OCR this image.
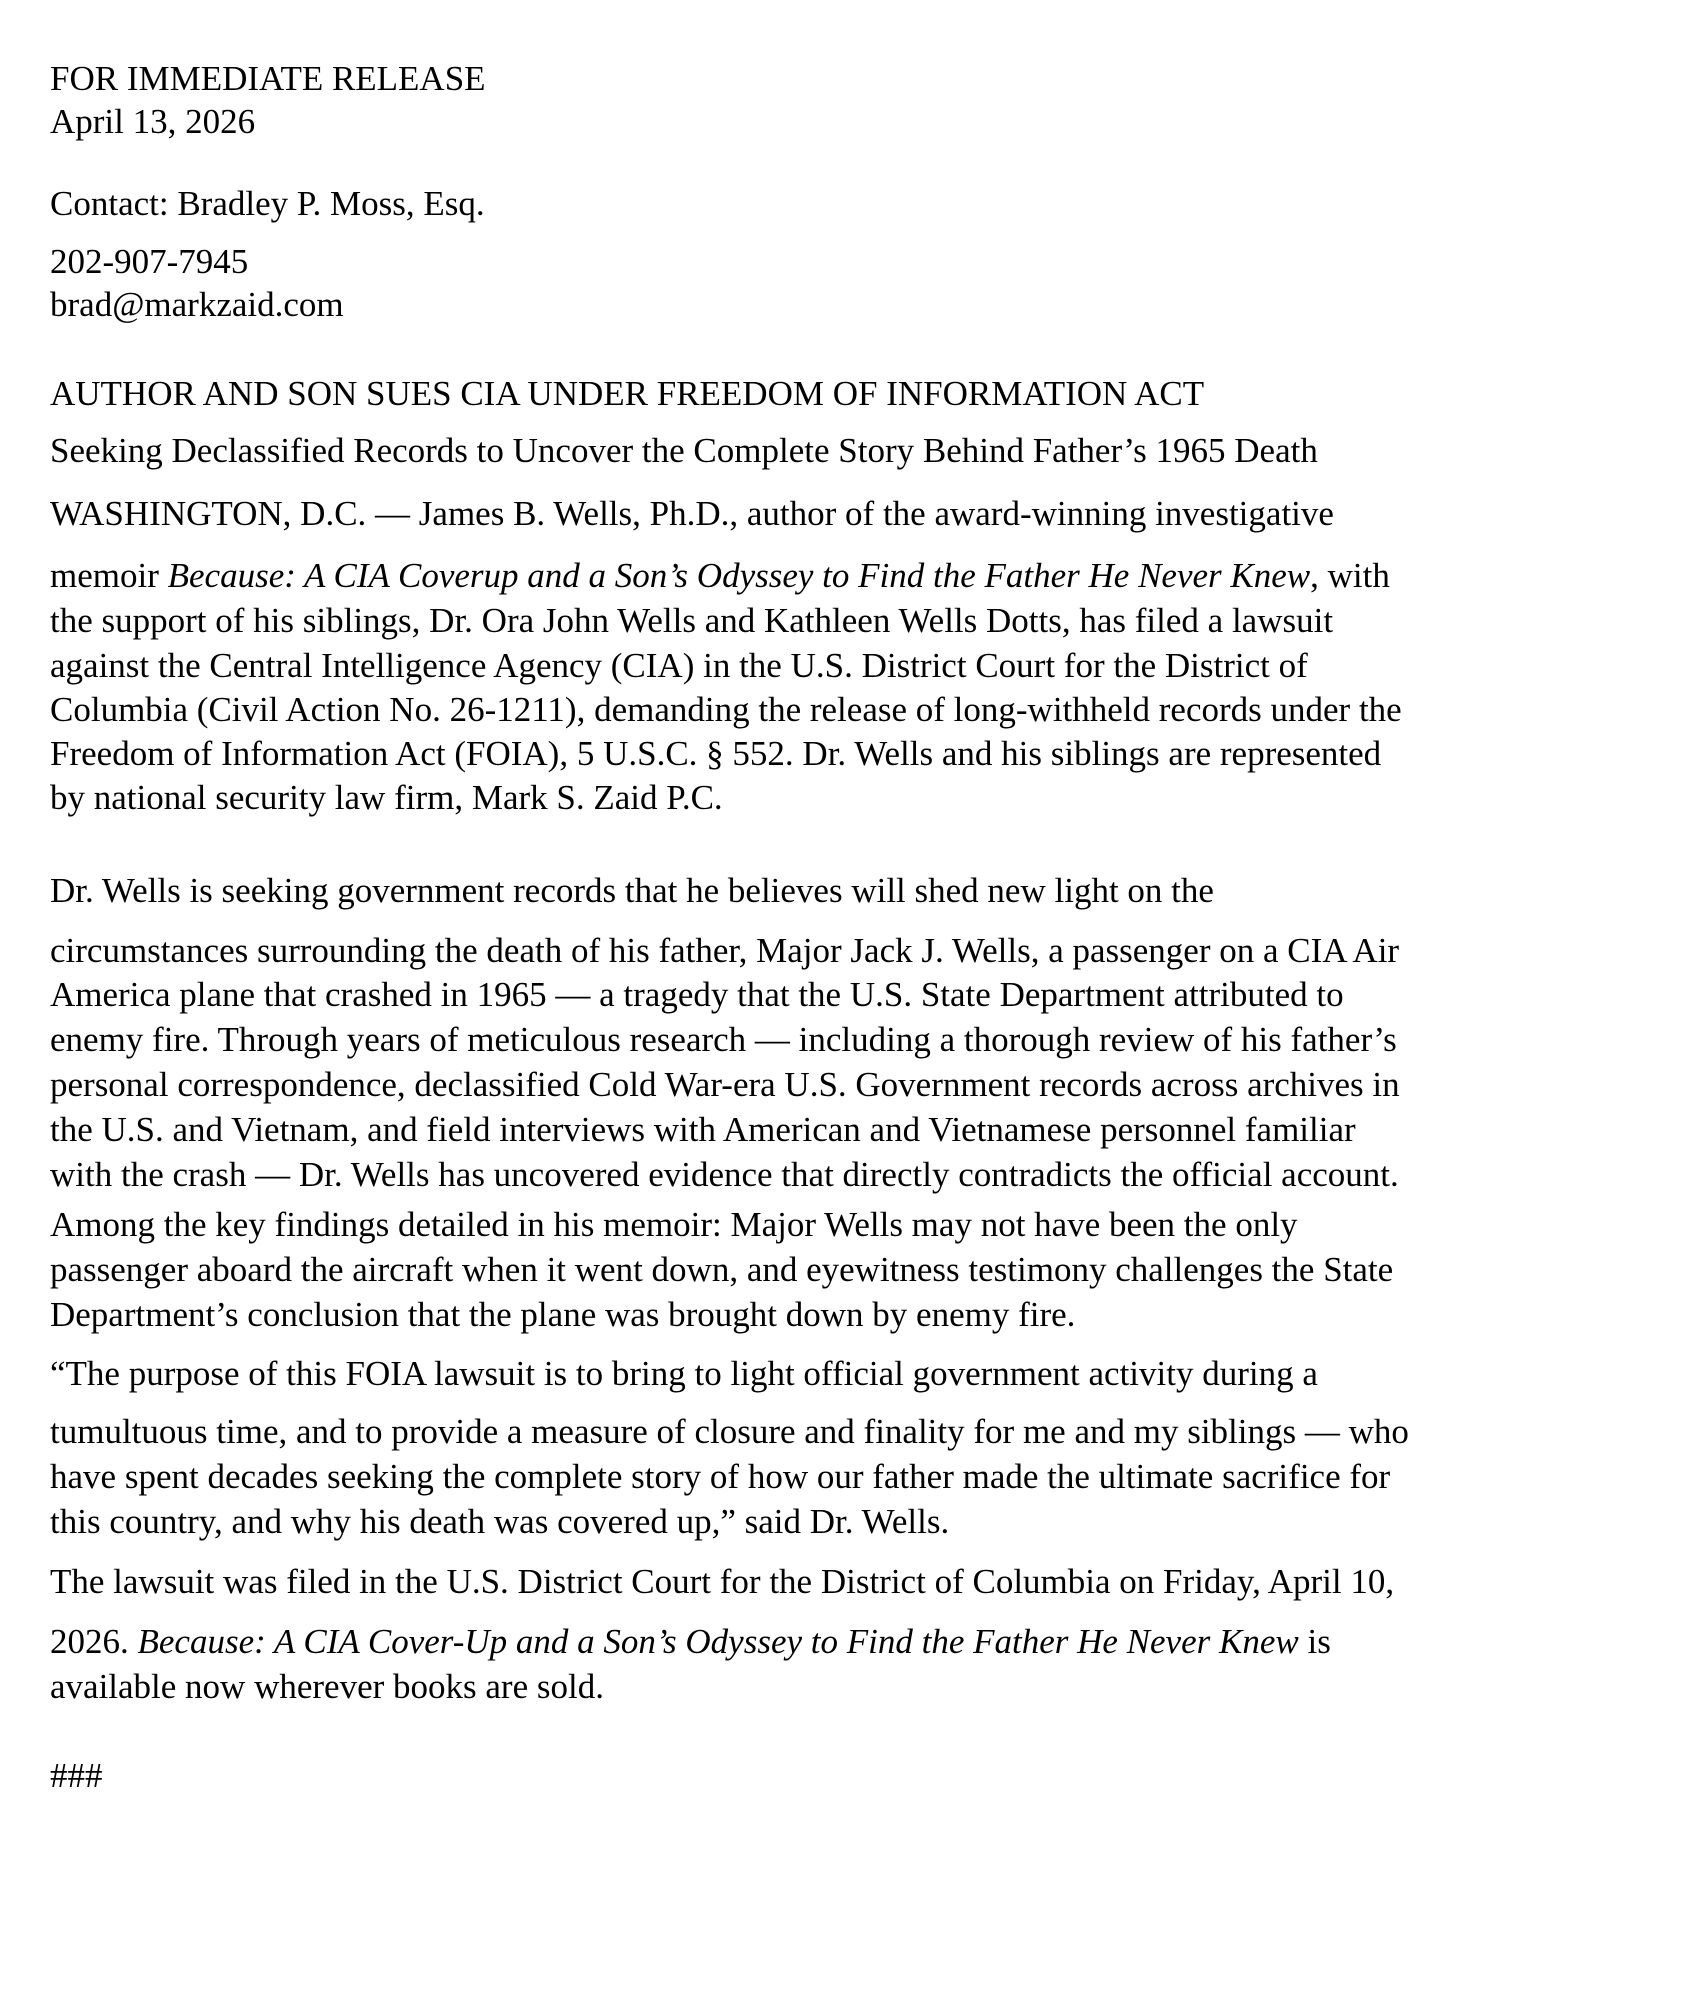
FOR IMMEDIATE RELEASE
April 13, 2026
Contact: Bradley P. Moss, Esq.
202-907-7945
brad@markzaid.com
AUTHOR AND SON SUES CIA UNDER FREEDOM OF INFORMATION ACT
Seeking Declassified Records to Uncover the Complete Story Behind Father’s 1965 Death
###
WASHINGTON, D.C. — James B. Wells, Ph.D., author of the award-winning investigative
memoir Because: A CIA Coverup and a Son’s Odyssey to Find the Father He Never Knew, with
the support of his siblings, Dr. Ora John Wells and Kathleen Wells Dotts, has filed a lawsuit
against the Central Intelligence Agency (CIA) in the U.S. District Court for the District of
Columbia (Civil Action No. 26-1211), demanding the release of long-withheld records under the
Freedom of Information Act (FOIA), 5 U.S.C. § 552. Dr. Wells and his siblings are represented
by national security law firm, Mark S. Zaid P.C.
Dr. Wells is seeking government records that he believes will shed new light on the
circumstances surrounding the death of his father, Major Jack J. Wells, a passenger on a CIA Air
America plane that crashed in 1965 — a tragedy that the U.S. State Department attributed to
enemy fire. Through years of meticulous research — including a thorough review of his father’s
personal correspondence, declassified Cold War-era U.S. Government records across archives in
the U.S. and Vietnam, and field interviews with American and Vietnamese personnel familiar
with the crash — Dr. Wells has uncovered evidence that directly contradicts the official account.
Among the key findings detailed in his memoir: Major Wells may not have been the only
passenger aboard the aircraft when it went down, and eyewitness testimony challenges the State
Department’s conclusion that the plane was brought down by enemy fire.
“The purpose of this FOIA lawsuit is to bring to light official government activity during a
tumultuous time, and to provide a measure of closure and finality for me and my siblings — who
have spent decades seeking the complete story of how our father made the ultimate sacrifice for
this country, and why his death was covered up,” said Dr. Wells.
The lawsuit was filed in the U.S. District Court for the District of Columbia on Friday, April 10,
2026. Because: A CIA Cover-Up and a Son’s Odyssey to Find the Father He Never Knew is
available now wherever books are sold.
